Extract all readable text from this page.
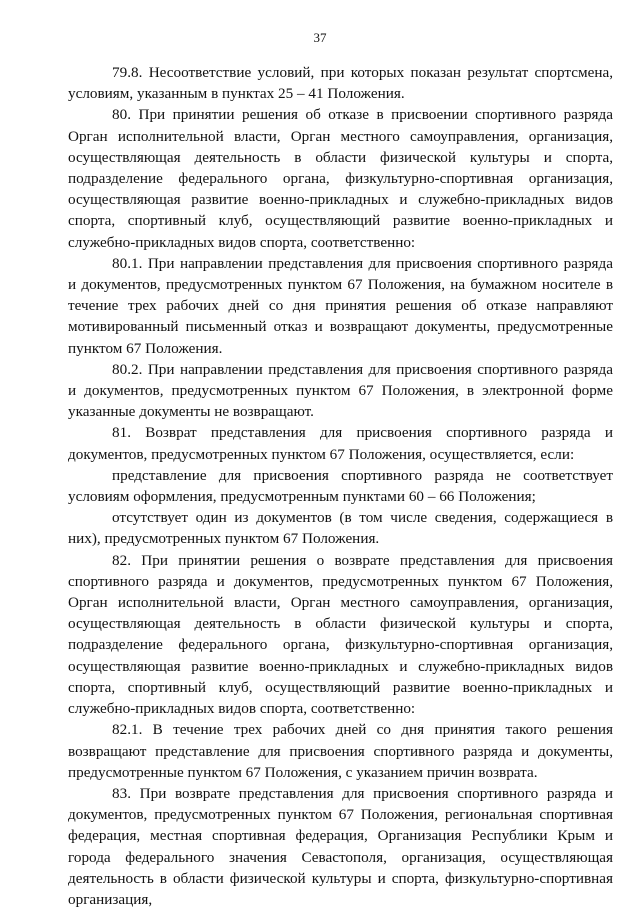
37

79.8. Несоответствие условий, при которых показан результат спортсмена, условиям, указанным в пунктах 25 – 41 Положения.

80. При принятии решения об отказе в присвоении спортивного разряда Орган исполнительной власти, Орган местного самоуправления, организация, осуществляющая деятельность в области физической культуры и спорта, подразделение федерального органа, физкультурно-спортивная организация, осуществляющая развитие военно-прикладных и служебно-прикладных видов спорта, спортивный клуб, осуществляющий развитие военно-прикладных и служебно-прикладных видов спорта, соответственно:

80.1. При направлении представления для присвоения спортивного разряда и документов, предусмотренных пунктом 67 Положения, на бумажном носителе в течение трех рабочих дней со дня принятия решения об отказе направляют мотивированный письменный отказ и возвращают документы, предусмотренные пунктом 67 Положения.

80.2. При направлении представления для присвоения спортивного разряда и документов, предусмотренных пунктом 67 Положения, в электронной форме указанные документы не возвращают.

81. Возврат представления для присвоения спортивного разряда и документов, предусмотренных пунктом 67 Положения, осуществляется, если:

представление для присвоения спортивного разряда не соответствует условиям оформления, предусмотренным пунктами 60 – 66 Положения;

отсутствует один из документов (в том числе сведения, содержащиеся в них), предусмотренных пунктом 67 Положения.

82. При принятии решения о возврате представления для присвоения спортивного разряда и документов, предусмотренных пунктом 67 Положения, Орган исполнительной власти, Орган местного самоуправления, организация, осуществляющая деятельность в области физической культуры и спорта, подразделение федерального органа, физкультурно-спортивная организация, осуществляющая развитие военно-прикладных и служебно-прикладных видов спорта, спортивный клуб, осуществляющий развитие военно-прикладных и служебно-прикладных видов спорта, соответственно:

82.1. В течение трех рабочих дней со дня принятия такого решения возвращают представление для присвоения спортивного разряда и документы, предусмотренные пунктом 67 Положения, с указанием причин возврата.

83. При возврате представления для присвоения спортивного разряда и документов, предусмотренных пунктом 67 Положения, региональная спортивная федерация, местная спортивная федерация, Организация Республики Крым и города федерального значения Севастополя, организация, осуществляющая деятельность в области физической культуры и спорта, физкультурно-спортивная организация,
